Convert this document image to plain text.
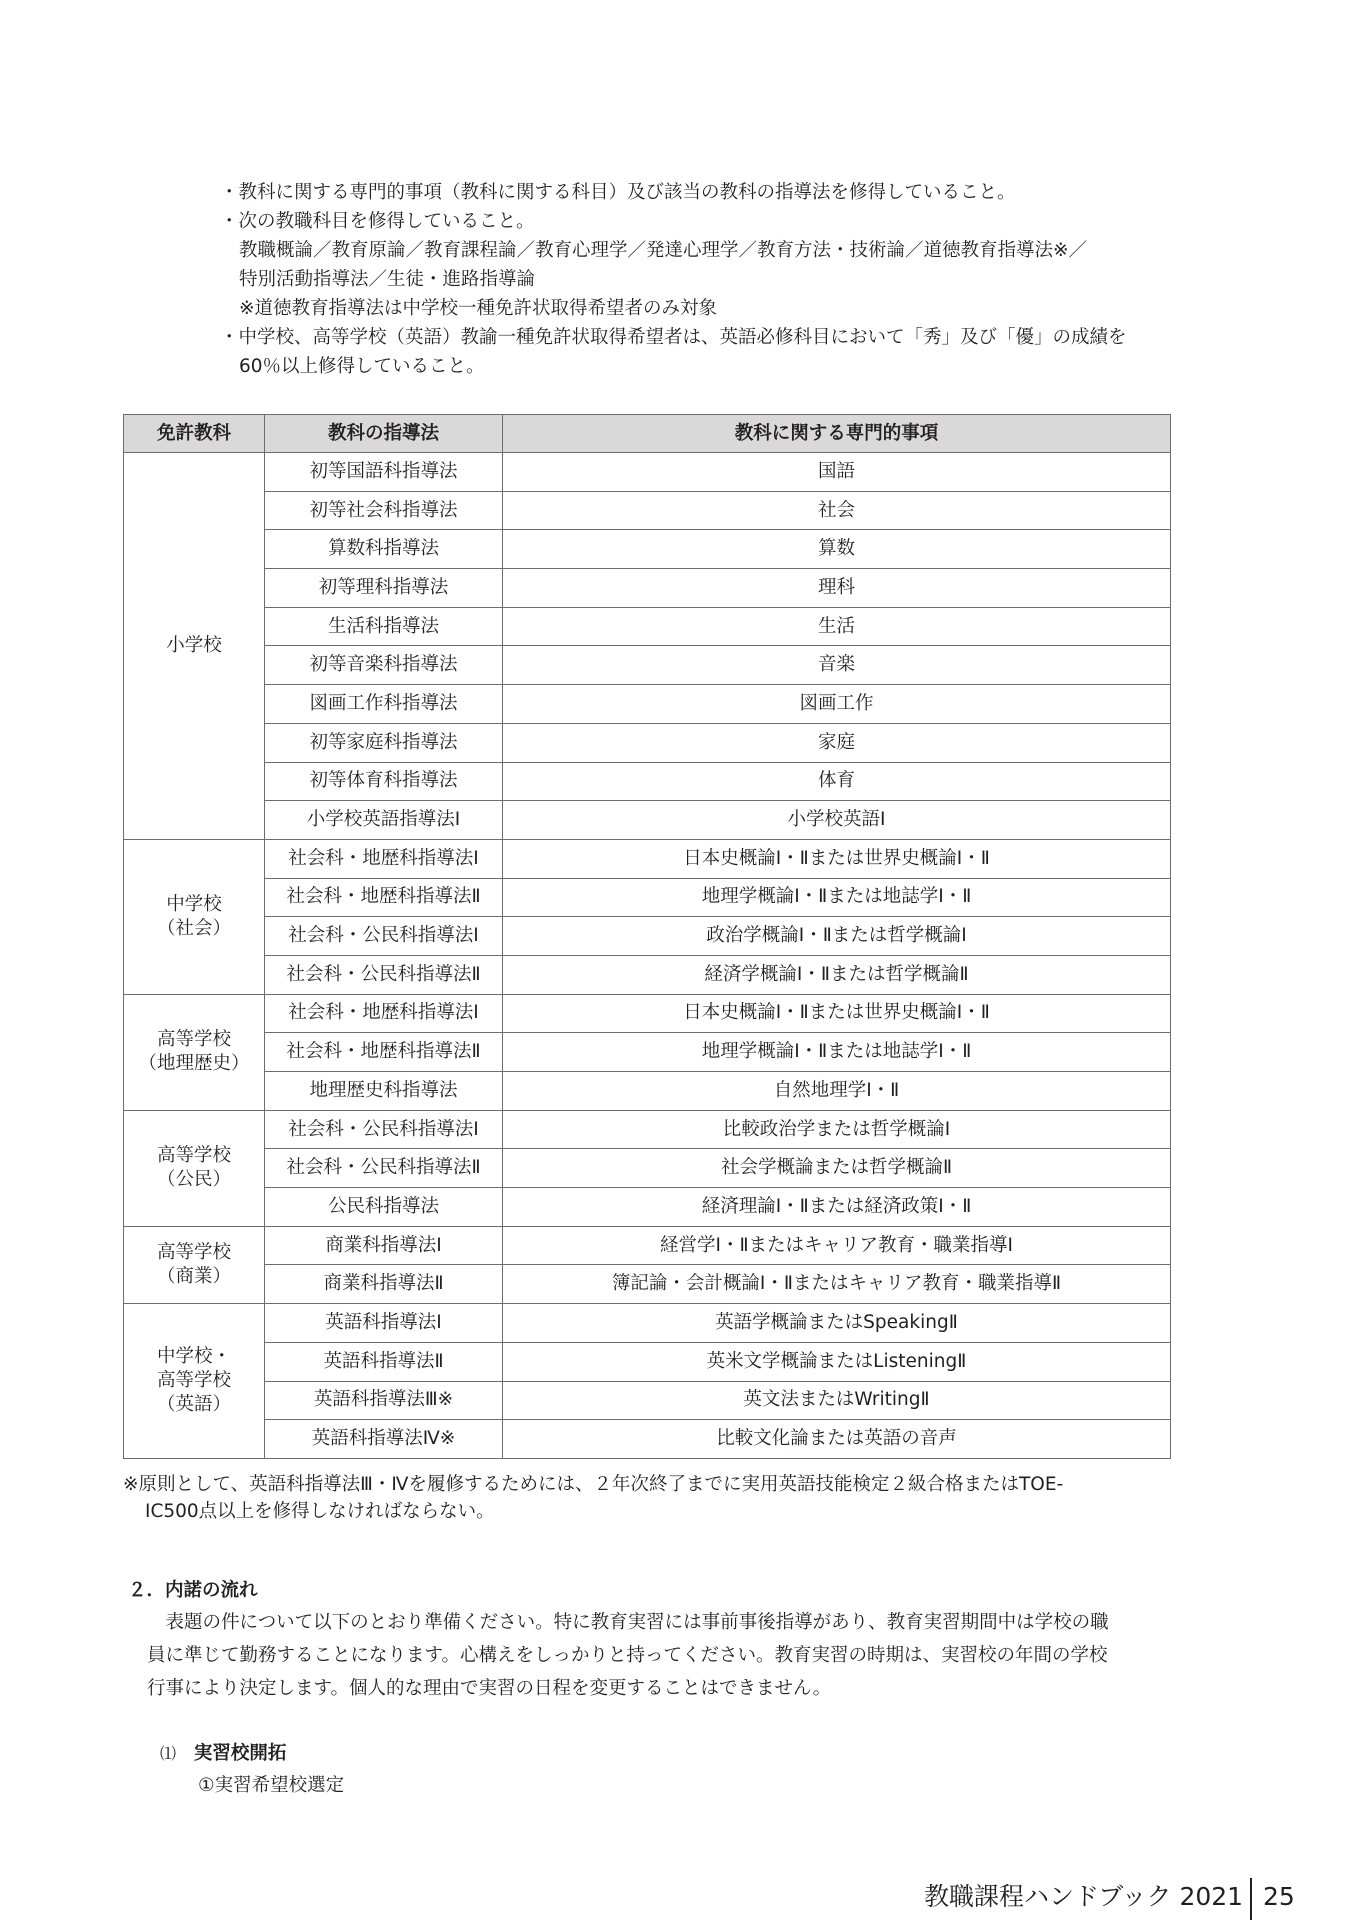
・教科に関する専門的事項（教科に関する科目）及び該当の教科の指導法を修得していること。
・次の教職科目を修得していること。
教職概論／教育原論／教育課程論／教育心理学／発達心理学／教育方法・技術論／道徳教育指導法※／
特別活動指導法／生徒・進路指導論
※道徳教育指導法は中学校一種免許状取得希望者のみ対象
・中学校、高等学校（英語）教諭一種免許状取得希望者は、英語必修科目において「秀」及び「優」の成績を
60％以上修得していること。
免許教科	教科の指導法	教科に関する専門的事項

小学校	初等国語科指導法	国語
	初等社会科指導法	社会
	算数科指導法	算数
	初等理科指導法	理科
	生活科指導法	生活
	初等音楽科指導法	音楽
	図画工作科指導法	図画工作
	初等家庭科指導法	家庭
	初等体育科指導法	体育
	小学校英語指導法Ⅰ	小学校英語Ⅰ

中学校
（社会）	社会科・地歴科指導法Ⅰ	日本史概論Ⅰ・Ⅱまたは世界史概論Ⅰ・Ⅱ
	社会科・地歴科指導法Ⅱ	地理学概論Ⅰ・Ⅱまたは地誌学Ⅰ・Ⅱ
	社会科・公民科指導法Ⅰ	政治学概論Ⅰ・Ⅱまたは哲学概論Ⅰ
	社会科・公民科指導法Ⅱ	経済学概論Ⅰ・Ⅱまたは哲学概論Ⅱ

高等学校
（地理歴史）	社会科・地歴科指導法Ⅰ	日本史概論Ⅰ・Ⅱまたは世界史概論Ⅰ・Ⅱ
	社会科・地歴科指導法Ⅱ	地理学概論Ⅰ・Ⅱまたは地誌学Ⅰ・Ⅱ
	地理歴史科指導法	自然地理学Ⅰ・Ⅱ

高等学校
（公民）	社会科・公民科指導法Ⅰ	比較政治学または哲学概論Ⅰ
	社会科・公民科指導法Ⅱ	社会学概論または哲学概論Ⅱ
	公民科指導法	経済理論Ⅰ・Ⅱまたは経済政策Ⅰ・Ⅱ

高等学校
（商業）	商業科指導法Ⅰ	経営学Ⅰ・Ⅱまたはキャリア教育・職業指導Ⅰ
	商業科指導法Ⅱ	簿記論・会計概論Ⅰ・Ⅱまたはキャリア教育・職業指導Ⅱ

中学校・
高等学校
（英語）	英語科指導法Ⅰ	英語学概論またはSpeakingⅡ
	英語科指導法Ⅱ	英米文学概論またはListeningⅡ
	英語科指導法Ⅲ※	英文法またはWritingⅡ
	英語科指導法Ⅳ※	比較文化論または英語の音声
※原則として、英語科指導法Ⅲ・Ⅳを履修するためには、２年次終了までに実用英語技能検定２級合格またはTOE-
IC500点以上を修得しなければならない。
２．内諾の流れ
表題の件について以下のとおり準備ください。特に教育実習には事前事後指導があり、教育実習期間中は学校の職
員に準じて勤務することになります。心構えをしっかりと持ってください。教育実習の時期は、実習校の年間の学校
行事により決定します。個人的な理由で実習の日程を変更することはできません。
⑴ 実習校開拓
①実習希望校選定
教職課程ハンドブック 2021 25
